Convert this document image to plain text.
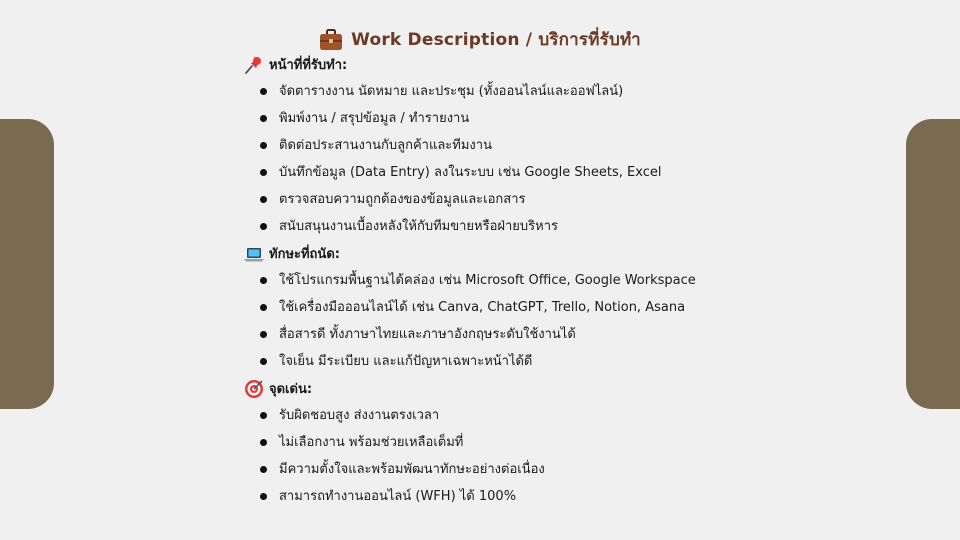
Work Description / บริการที่รับทำ
หน้าที่ที่รับทำ:
จัดตารางงาน นัดหมาย และประชุม (ทั้งออนไลน์และออฟไลน์)
พิมพ์งาน / สรุปข้อมูล / ทำรายงาน
ติดต่อประสานงานกับลูกค้าและทีมงาน
บันทึกข้อมูล (Data Entry) ลงในระบบ เช่น Google Sheets, Excel
ตรวจสอบความถูกต้องของข้อมูลและเอกสาร
สนับสนุนงานเบื้องหลังให้กับทีมขายหรือฝ่ายบริหาร
ทักษะที่ถนัด:
ใช้โปรแกรมพื้นฐานได้คล่อง เช่น Microsoft Office, Google Workspace
ใช้เครื่องมือออนไลน์ได้ เช่น Canva, ChatGPT, Trello, Notion, Asana
สื่อสารดี ทั้งภาษาไทยและภาษาอังกฤษระดับใช้งานได้
ใจเย็น มีระเบียบ และแก้ปัญหาเฉพาะหน้าได้ดี
จุดเด่น:
รับผิดชอบสูง ส่งงานตรงเวลา
ไม่เลือกงาน พร้อมช่วยเหลือเต็มที่
มีความตั้งใจและพร้อมพัฒนาทักษะอย่างต่อเนื่อง
สามารถทำงานออนไลน์ (WFH) ได้ 100%
